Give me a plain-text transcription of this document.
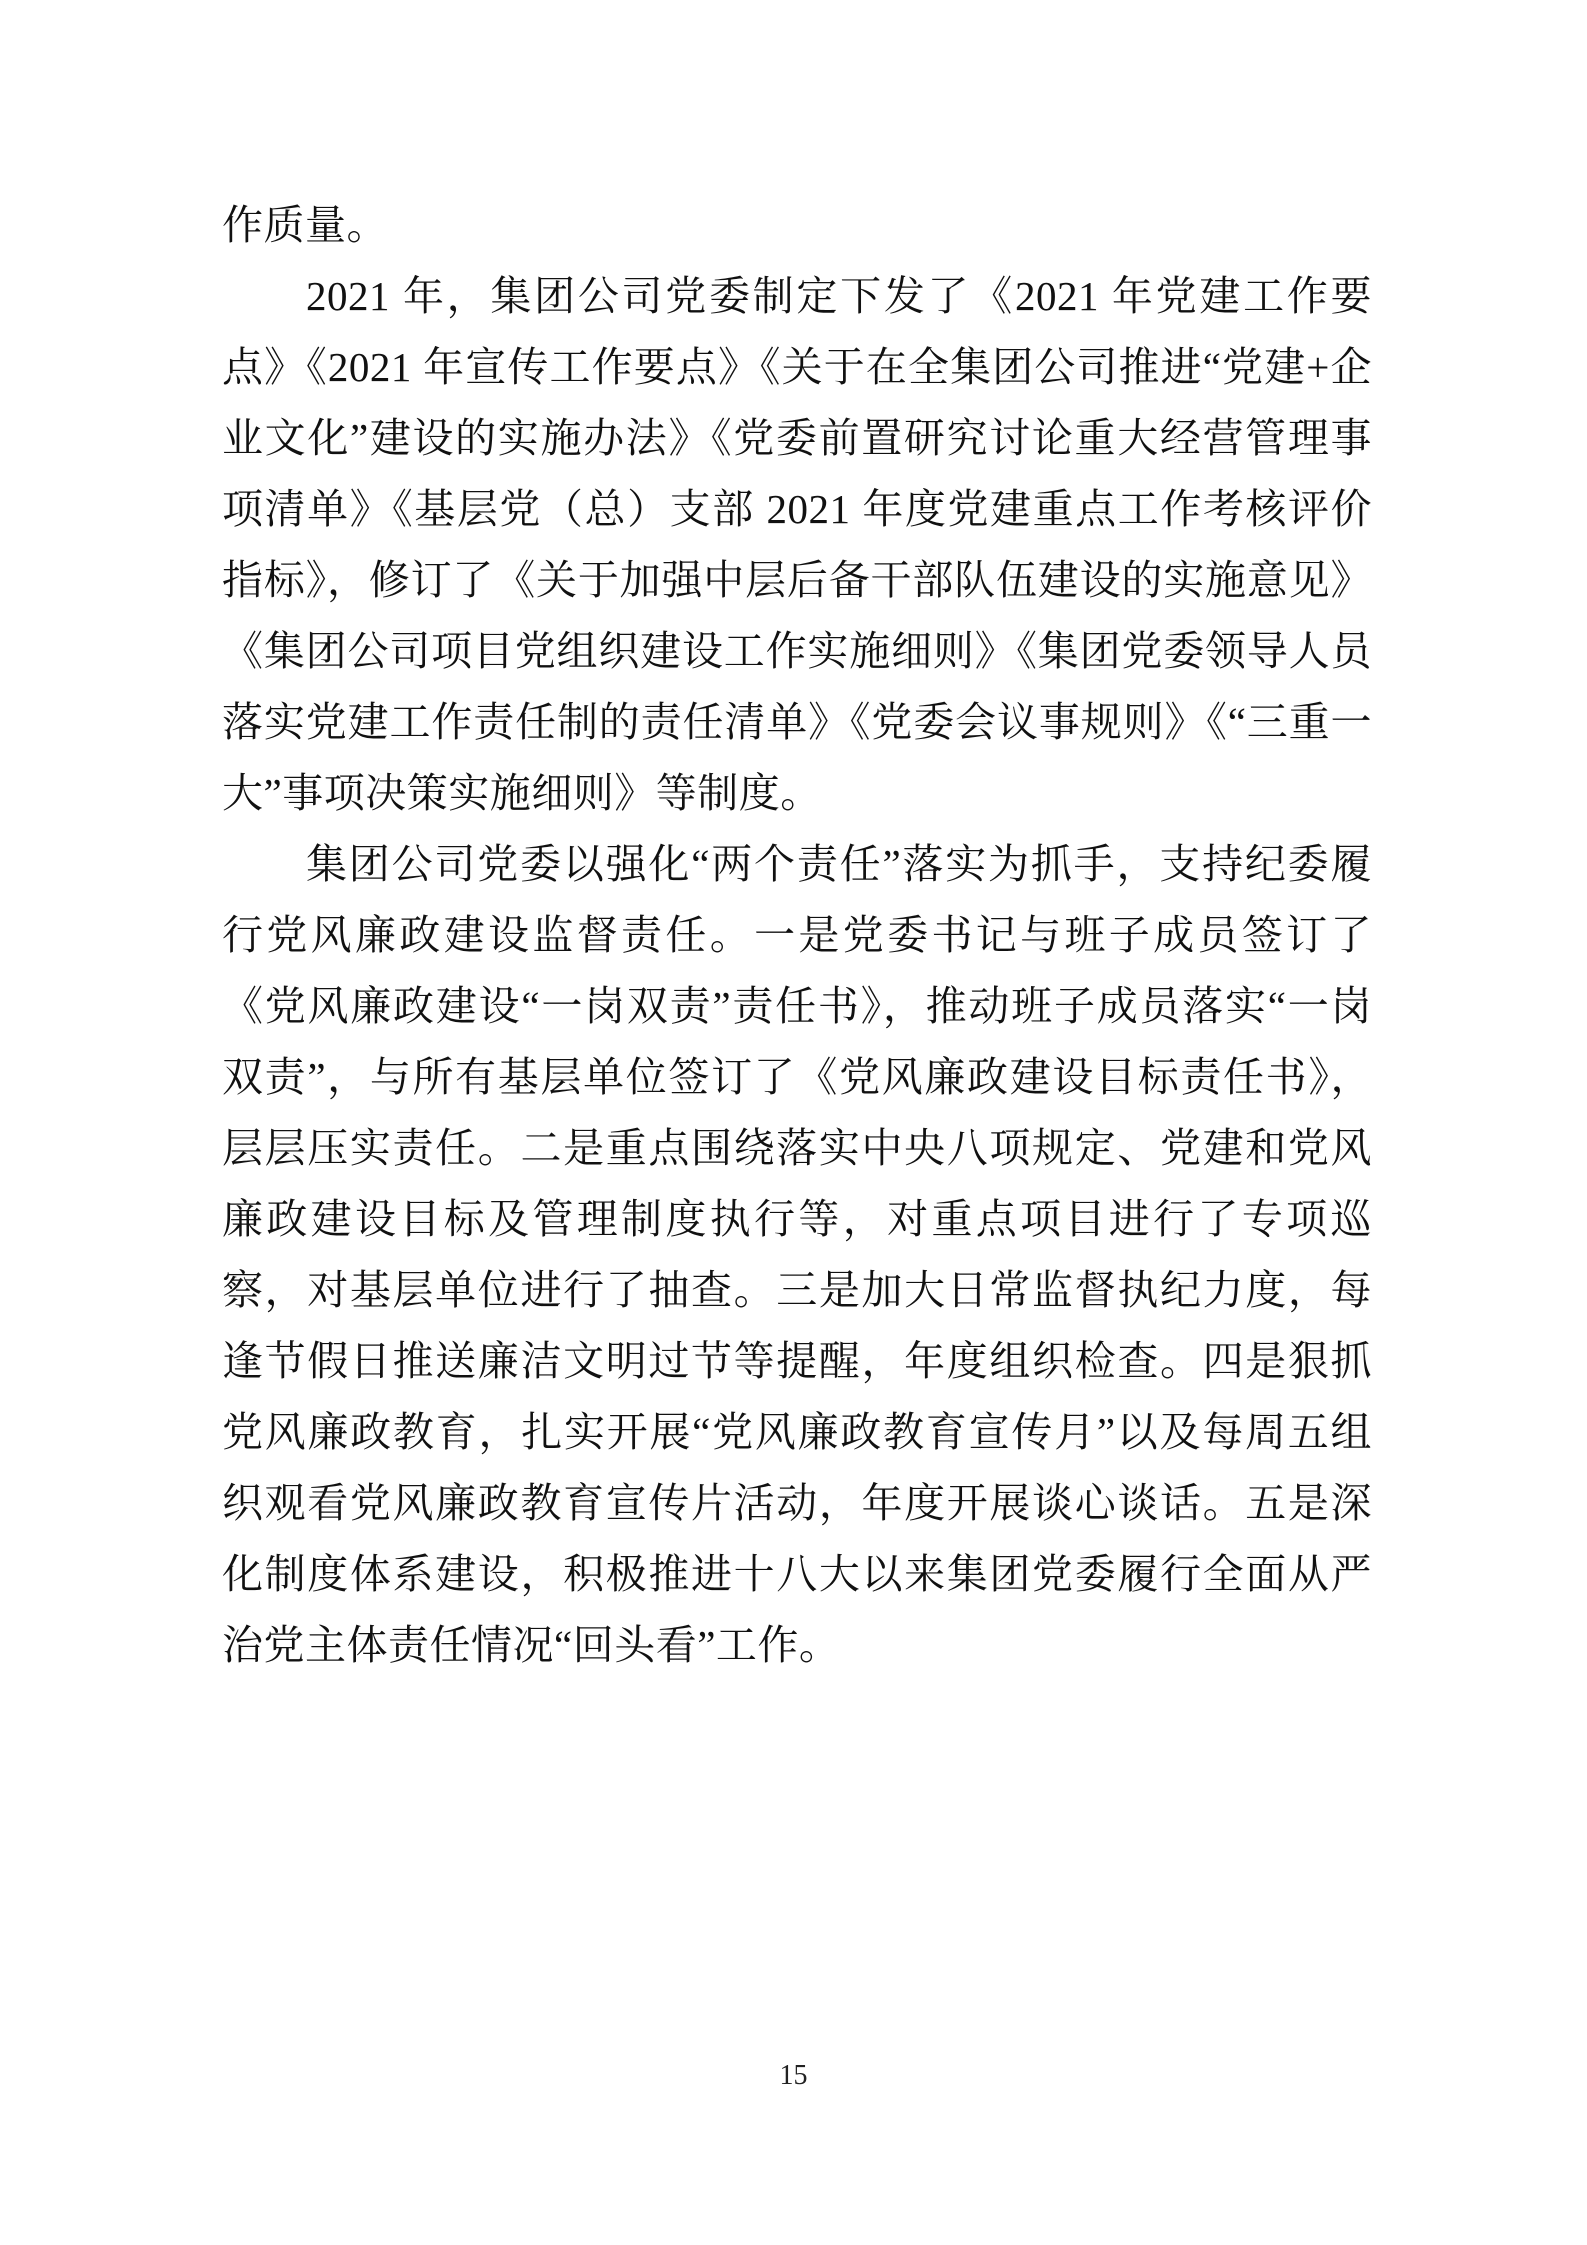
作质量。

2021 年，集团公司党委制定下发了《2021 年党建工作要点》《2021 年宣传工作要点》《关于在全集团公司推进“党建+企业文化”建设的实施办法》《党委前置研究讨论重大经营管理事项清单》《基层党（总）支部 2021 年度党建重点工作考核评价指标》，修订了《关于加强中层后备干部队伍建设的实施意见》《集团公司项目党组织建设工作实施细则》《集团党委领导人员落实党建工作责任制的责任清单》《党委会议事规则》《“三重一大”事项决策实施细则》等制度。

集团公司党委以强化“两个责任”落实为抓手，支持纪委履行党风廉政建设监督责任。一是党委书记与班子成员签订了《党风廉政建设“一岗双责”责任书》，推动班子成员落实“一岗双责”，与所有基层单位签订了《党风廉政建设目标责任书》，层层压实责任。二是重点围绕落实中央八项规定、党建和党风廉政建设目标及管理制度执行等，对重点项目进行了专项巡察，对基层单位进行了抽查。三是加大日常监督执纪力度，每逢节假日推送廉洁文明过节等提醒，年度组织检查。四是狠抓党风廉政教育，扎实开展“党风廉政教育宣传月”以及每周五组织观看党风廉政教育宣传片活动，年度开展谈心谈话。五是深化制度体系建设，积极推进十八大以来集团党委履行全面从严治党主体责任情况“回头看”工作。

15
